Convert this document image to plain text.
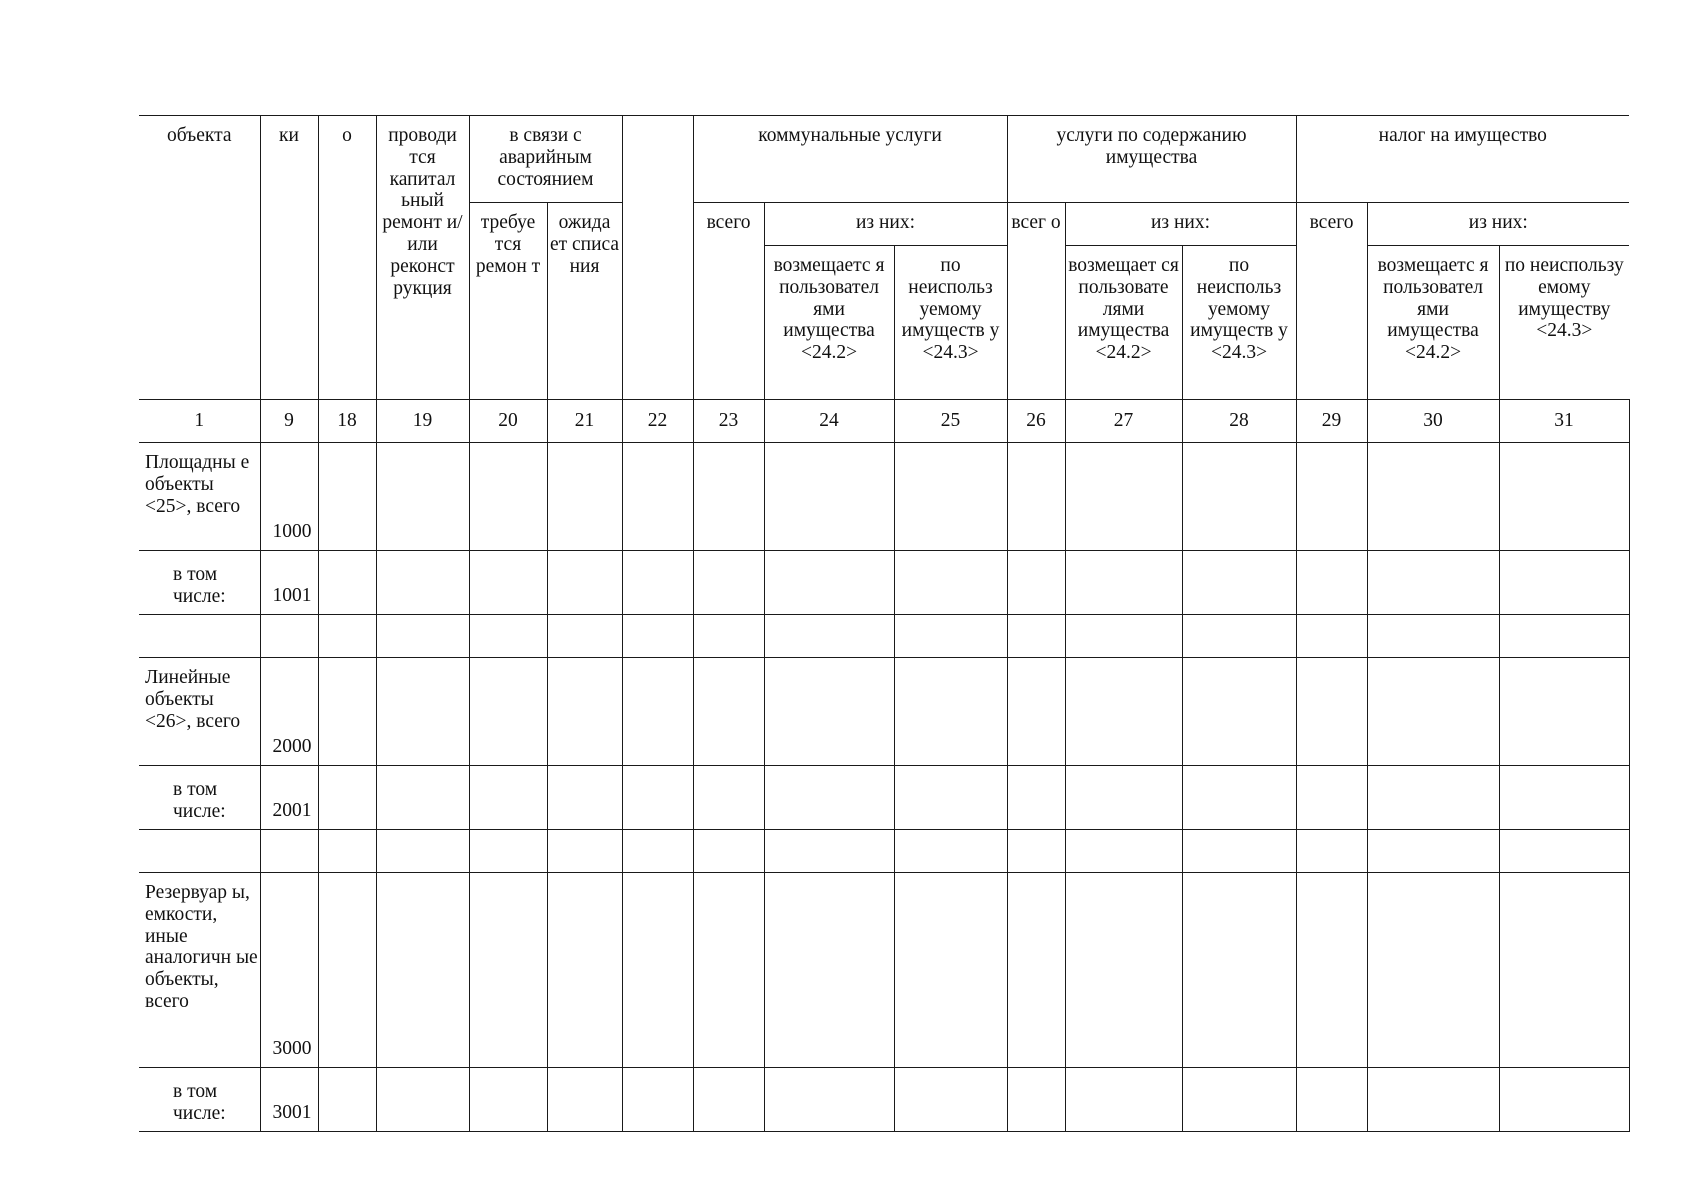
объекта	ки	о	проводи тся капитал ьный ремонт и/или реконст рукция	в связи с аварийным состоянием			коммунальные услуги			услуги по содержанию имущества			налог на имущество		
				требуе тся ремон т	ожида ет списа ния		всего	из них:		всег о	из них:		всего	из них:	
								возмещаетс я пользовател ями имущества <24.2>	по неиспольз уемому имуществ у <24.3>		возмещает ся пользовате лями имущества <24.2>	по неиспольз уемому имуществ у <24.3>		возмещаетс я пользовател ями имущества <24.2>	по неиспользу емому имуществу <24.3>
1	9	18	19	20	21	22	23	24	25	26	27	28	29	30	31
Площадны е объекты <25>, всего	1000														
в том числе:	1001														

Линейные объекты <26>, всего	2000														
в том числе:	2001														

Резервуар ы, емкости, иные аналогичн ые объекты, всего	3000														
в том числе:	3001														
